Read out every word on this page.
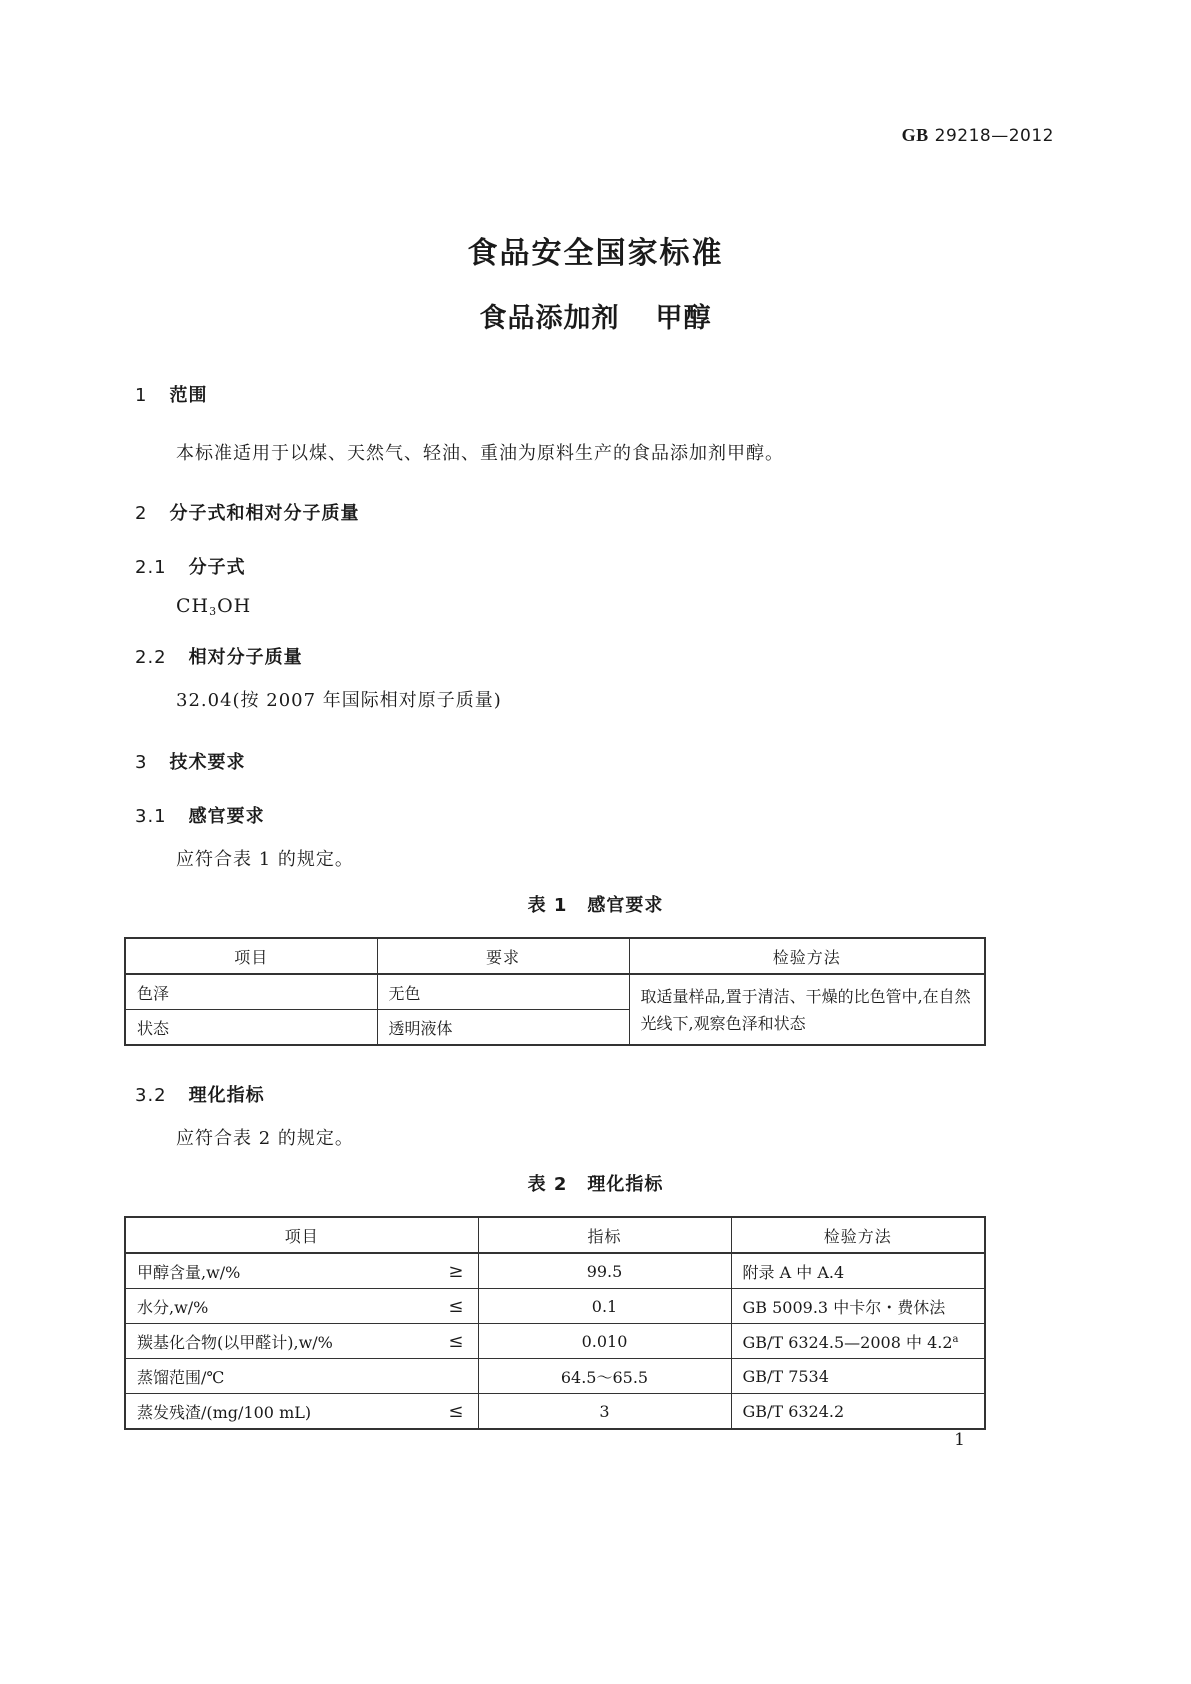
GB 29218—2012
食品安全国家标准
食品添加剂 甲醇
1 范围
本标准适用于以煤、天然气、轻油、重油为原料生产的食品添加剂甲醇。
2 分子式和相对分子质量
2.1 分子式
$CH_3OH$
2.2 相对分子质量
32.04(按 2007 年国际相对原子质量)
3 技术要求
3.1 感官要求
应符合表 1 的规定。
表 1 感官要求
项目	要求	检验方法
色泽	无色	取适量样品,置于清洁、干燥的比色管中,在自然光线下,观察色泽和状态
状态	透明液体	
3.2 理化指标
应符合表 2 的规定。
表 2 理化指标
项目	指标	检验方法

甲醇含量,w/% ≥	99.5	附录 A 中 A.4

水分,w/% ≤	0.1	GB 5009.3 中卡尔・费休法

羰基化合物(以甲醛计),w/% ≤	0.010	GB/T 6324.5—2008 中 4.2$^a$

蒸馏范围/℃	64.5～65.5	GB/T 7534

蒸发残渣/(mg/100 mL) ≤	3	GB/T 6324.2
1
